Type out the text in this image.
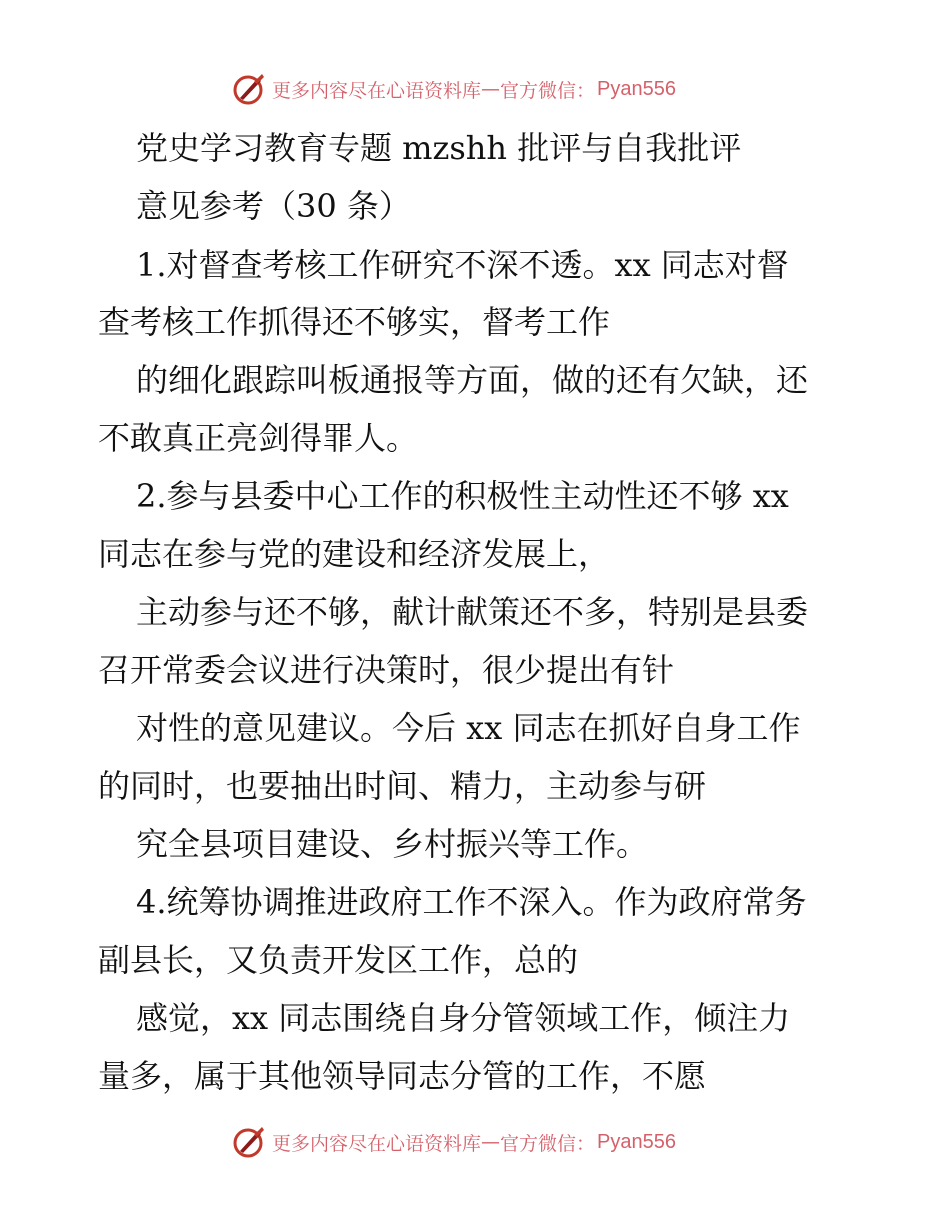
更多内容尽在心语资料库 — 官方微信： Pyan556
党史学习教育专题 mzshh 批评与自我批评
意见参考（30 条）
1.对督查考核工作研究不深不透。xx 同志对督
查考核工作抓得还不够实，督考工作
的细化跟踪叫板通报等方面，做的还有欠缺，还
不敢真正亮剑得罪人。
2.参与县委中心工作的积极性主动性还不够 xx
同志在参与党的建设和经济发展上，
主动参与还不够，献计献策还不多，特别是县委
召开常委会议进行决策时，很少提出有针
对性的意见建议。今后 xx 同志在抓好自身工作
的同时，也要抽出时间、精力，主动参与研
究全县项目建设、乡村振兴等工作。
4.统筹协调推进政府工作不深入。作为政府常务
副县长，又负责开发区工作，总的
感觉，xx 同志围绕自身分管领域工作，倾注力
量多，属于其他领导同志分管的工作，不愿
更多内容尽在心语资料库 — 官方微信： Pyan556
